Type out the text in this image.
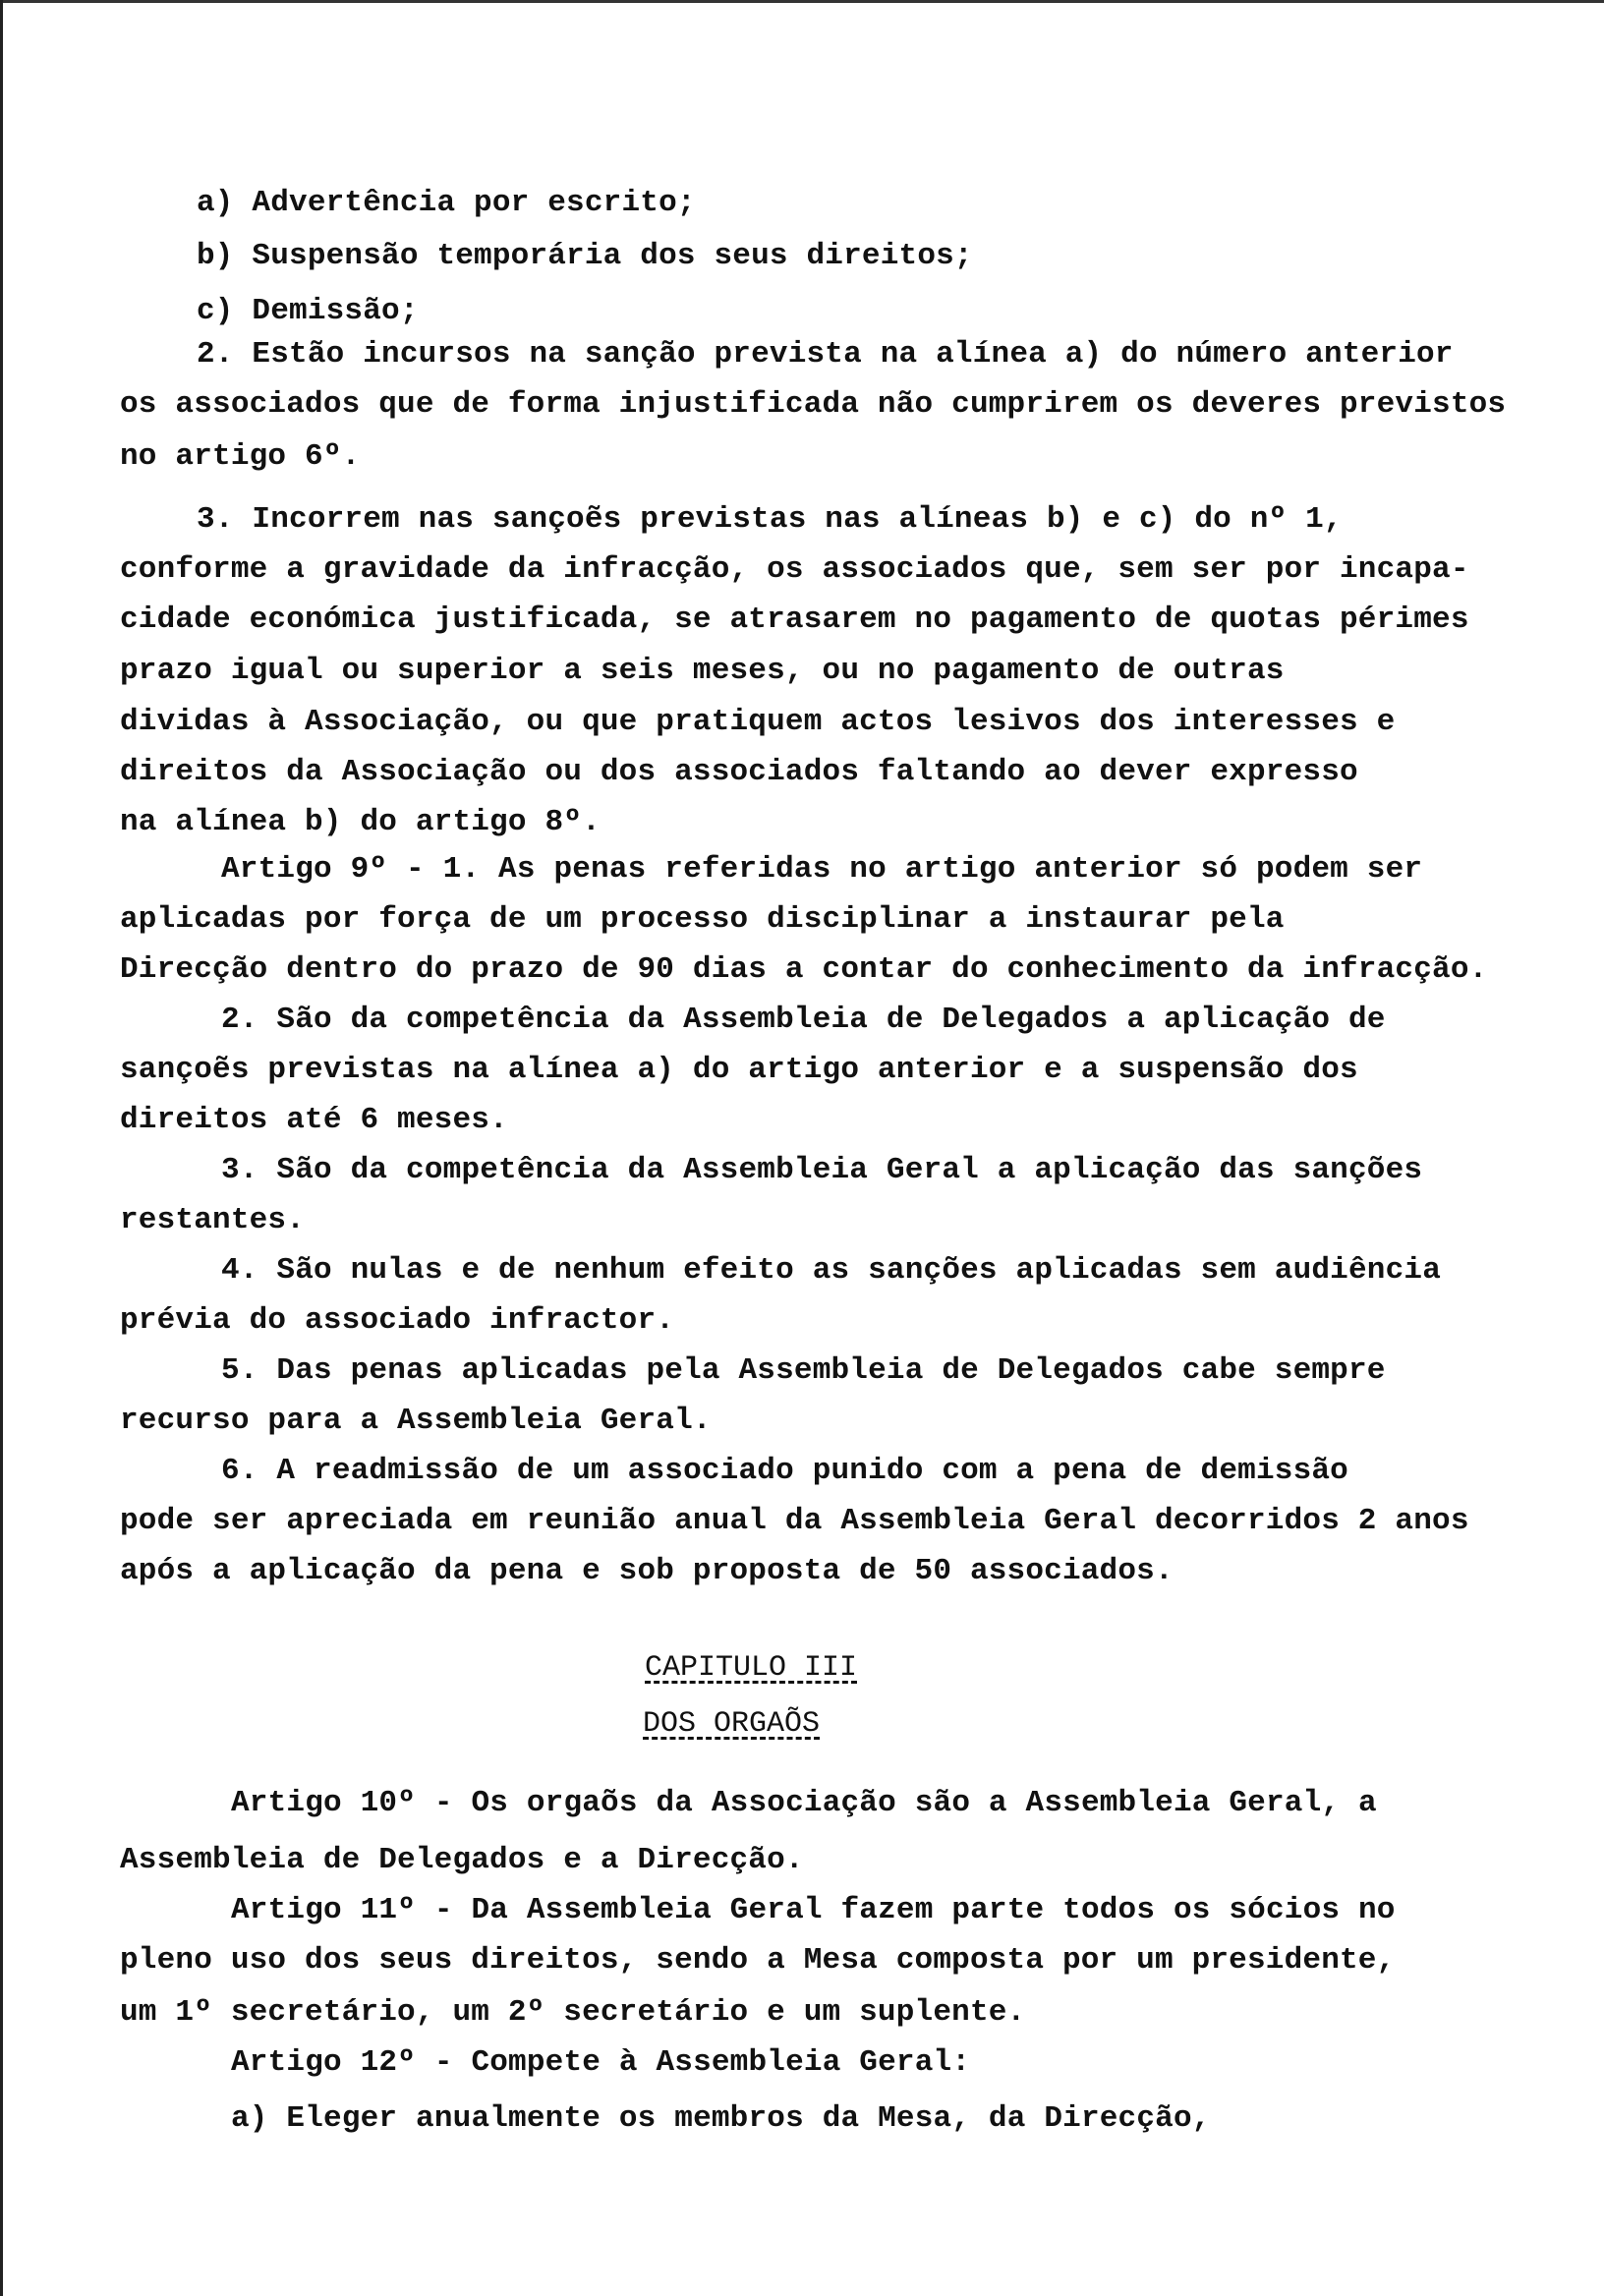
a) Advertência por escrito;
b) Suspensão temporária dos seus direitos;
c) Demissão;
2. Estão incursos na sanção prevista na alínea a) do número anterior
os associados que de forma injustificada não cumprirem os deveres previstos
no artigo 6º.
3. Incorrem nas sançoẽs previstas nas alíneas b) e c) do nº 1,
conforme a gravidade da infracção, os associados que, sem ser por incapa-
cidade económica justificada, se atrasarem no pagamento de quotas périmes
prazo igual ou superior a seis meses, ou no pagamento de outras
dividas à Associação, ou que pratiquem actos lesivos dos interesses e
direitos da Associação ou dos associados faltando ao dever expresso
na alínea b) do artigo 8º.
Artigo 9º - 1. As penas referidas no artigo anterior só podem ser
aplicadas por força de um processo disciplinar a instaurar pela
Direcção dentro do prazo de 90 dias a contar do conhecimento da infracção.
2. São da competência da Assembleia de Delegados a aplicação de
sançoẽs previstas na alínea a) do artigo anterior e a suspensão dos
direitos até 6 meses.
3. São da competência da Assembleia Geral a aplicação das sanções
restantes.
4. São nulas e de nenhum efeito as sanções aplicadas sem audiência
prévia do associado infractor.
5. Das penas aplicadas pela Assembleia de Delegados cabe sempre
recurso para a Assembleia Geral.
6. A readmissão de um associado punido com a pena de demissão
pode ser apreciada em reunião anual da Assembleia Geral decorridos 2 anos
após a aplicação da pena e sob proposta de 50 associados.
CAPITULO III
DOS ORGAÕS
Artigo 10º - Os orgaõs da Associação são a Assembleia Geral, a
Assembleia de Delegados e a Direcção.
Artigo 11º - Da Assembleia Geral fazem parte todos os sócios no
pleno uso dos seus direitos, sendo a Mesa composta por um presidente,
um 1º secretário, um 2º secretário e um suplente.
Artigo 12º - Compete à Assembleia Geral:
a) Eleger anualmente os membros da Mesa, da Direcção,
